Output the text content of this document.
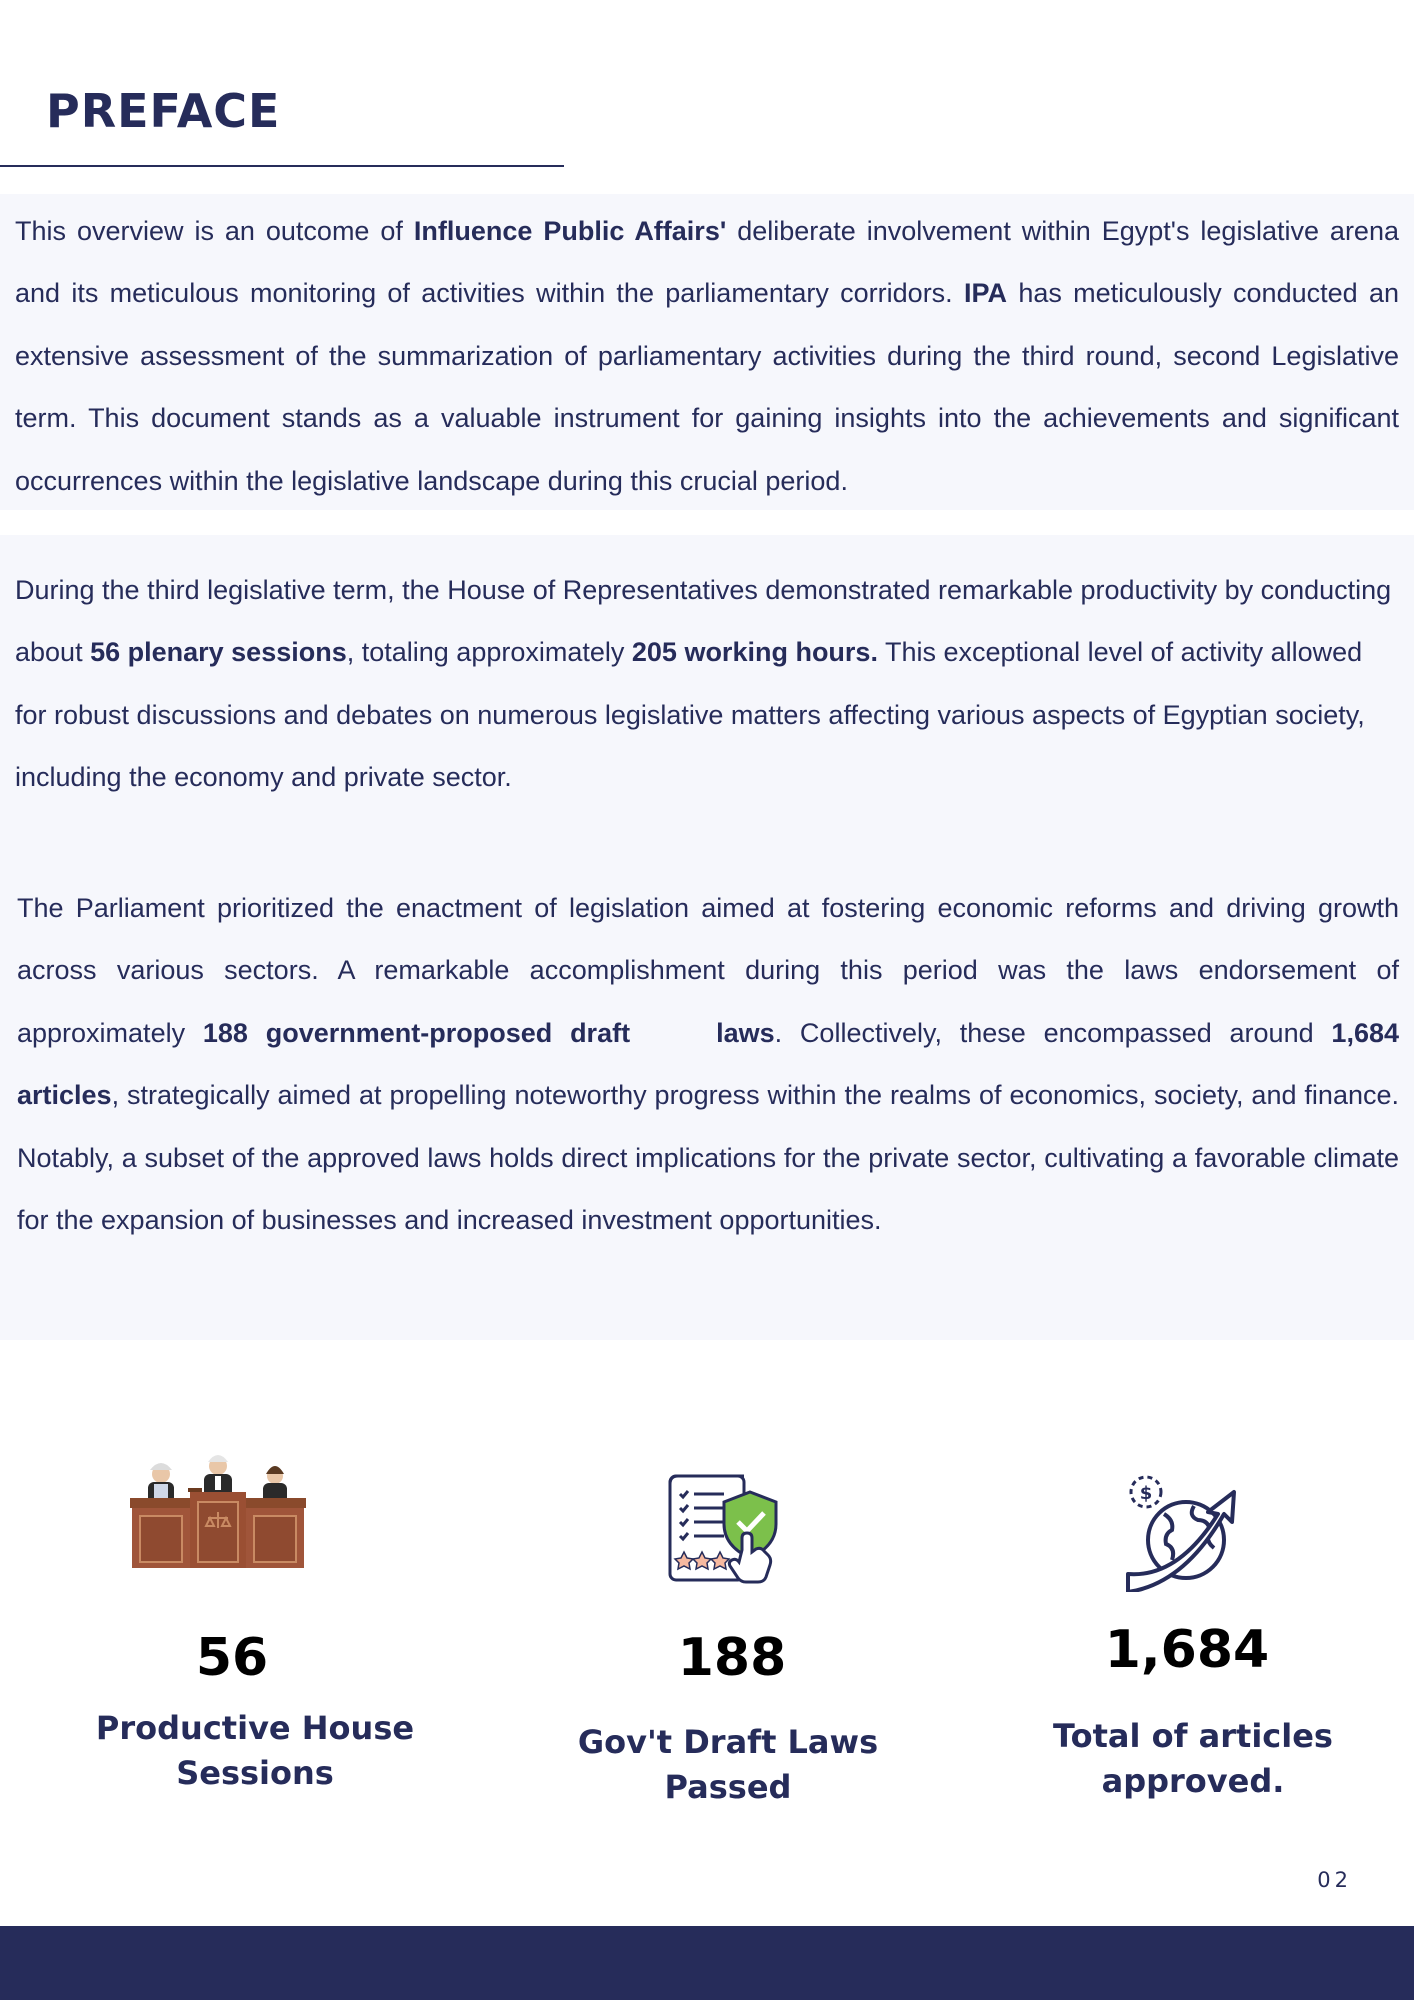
PREFACE

This overview is an outcome of Influence Public Affairs' deliberate involvement within Egypt's legislative arena and its meticulous monitoring of activities within the parliamentary corridors. IPA has meticulously conducted an extensive assessment of the summarization of parliamentary activities during the third round, second Legislative term. This document stands as a valuable instrument for gaining insights into the achievements and significant occurrences within the legislative landscape during this crucial period.

During the third legislative term, the House of Representatives demonstrated remarkable productivity by conducting about 56 plenary sessions, totaling approximately 205 working hours. This exceptional level of activity allowed for robust discussions and debates on numerous legislative matters affecting various aspects of Egyptian society, including the economy and private sector.

The Parliament prioritized the enactment of legislation aimed at fostering economic reforms and driving growth across various sectors. A remarkable accomplishment during this period was the laws endorsement of approximately 188 government-proposed draft	laws. Collectively, these encompassed around 1,684 articles, strategically aimed at propelling noteworthy progress within the realms of economics, society, and finance. Notably, a subset of the approved laws holds direct implications for the private sector, cultivating a favorable climate for the expansion of businesses and increased investment opportunities.

56
Productive House Sessions
188
Gov't Draft Laws Passed
$
1,684
Total of articles approved.
02
